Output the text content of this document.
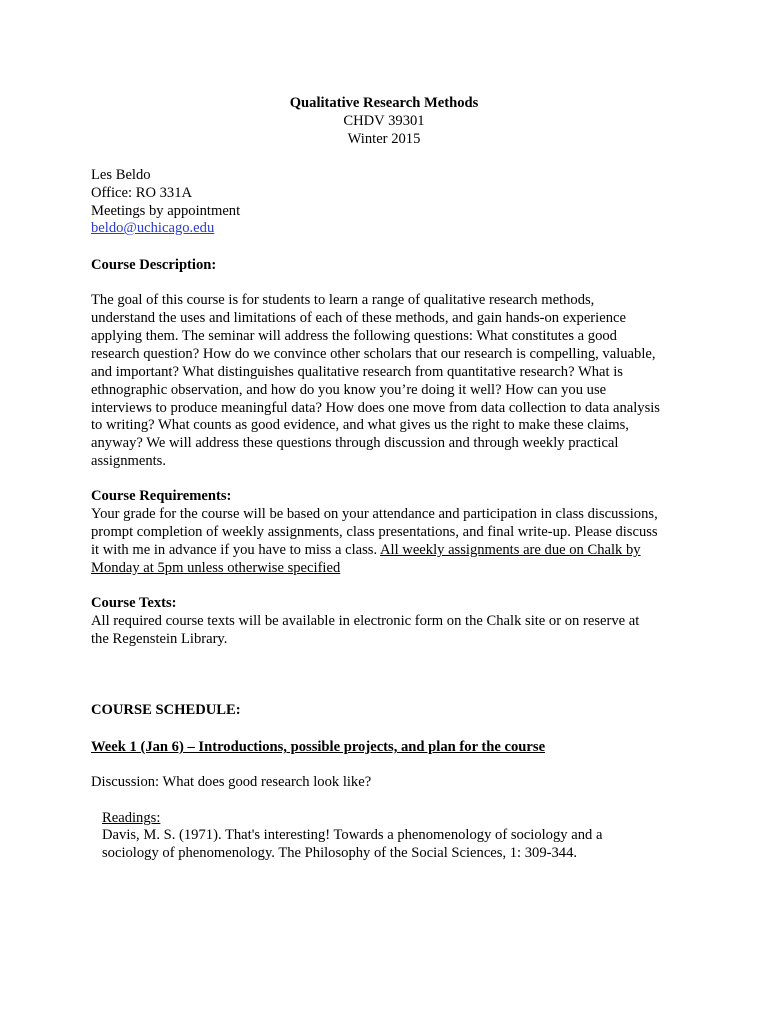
Qualitative Research Methods
CHDV 39301
Winter 2015
Les Beldo
Office: RO 331A
Meetings by appointment
beldo@uchicago.edu
Course Description:
The goal of this course is for students to learn a range of qualitative research methods,
understand the uses and limitations of each of these methods, and gain hands-on experience
applying them. The seminar will address the following questions: What constitutes a good
research question? How do we convince other scholars that our research is compelling, valuable,
and important? What distinguishes qualitative research from quantitative research? What is
ethnographic observation, and how do you know you’re doing it well? How can you use
interviews to produce meaningful data? How does one move from data collection to data analysis
to writing? What counts as good evidence, and what gives us the right to make these claims,
anyway? We will address these questions through discussion and through weekly practical
assignments.
Course Requirements:
Your grade for the course will be based on your attendance and participation in class discussions,
prompt completion of weekly assignments, class presentations, and final write-up. Please discuss
it with me in advance if you have to miss a class. All weekly assignments are due on Chalk by
Monday at 5pm unless otherwise specified
Course Texts:
All required course texts will be available in electronic form on the Chalk site or on reserve at
the Regenstein Library.
COURSE SCHEDULE:
Week 1 (Jan 6) – Introductions, possible projects, and plan for the course
Discussion: What does good research look like?
Readings:
Davis, M. S. (1971). That's interesting! Towards a phenomenology of sociology and a
sociology of phenomenology. The Philosophy of the Social Sciences, 1: 309-344.
